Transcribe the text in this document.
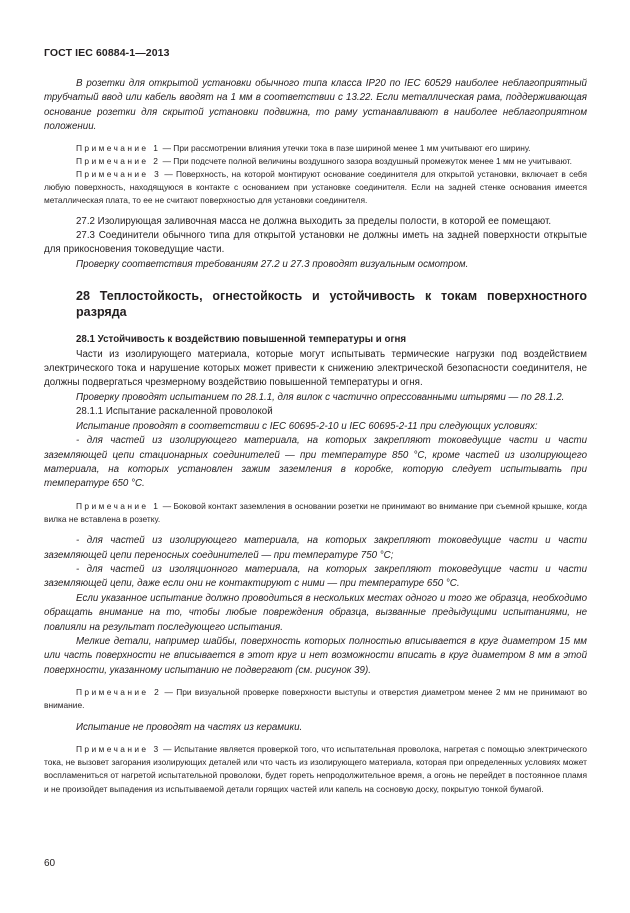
ГОСТ IEC 60884-1—2013

В розетки для открытой установки обычного типа класса IP20 по IEC 60529 наиболее неблагоприятный трубчатый ввод или кабель вводят на 1 мм в соответствии с 13.22. Если металлическая рама, поддерживающая основание розетки для скрытой установки подвижна, то раму устанавливают в наиболее неблагоприятном положении.

Примечание 1 — При рассмотрении влияния утечки тока в пазе шириной менее 1 мм учитывают его ширину.

Примечание 2 — При подсчете полной величины воздушного зазора воздушный промежуток менее 1 мм не учитывают.

Примечание 3 — Поверхность, на которой монтируют основание соединителя для открытой установки, включает в себя любую поверхность, находящуюся в контакте с основанием при установке соединителя. Если на задней стенке основания имеется металлическая плата, то ее не считают поверхностью для установки соединителя.

27.2 Изолирующая заливочная масса не должна выходить за пределы полости, в которой ее помещают.

27.3 Соединители обычного типа для открытой установки не должны иметь на задней поверхности открытые для прикосновения токоведущие части.

Проверку соответствия требованиям 27.2 и 27.3 проводят визуальным осмотром.

28 Теплостойкость, огнестойкость и устойчивость к токам поверхностного разряда

28.1 Устойчивость к воздействию повышенной температуры и огня

Части из изолирующего материала, которые могут испытывать термические нагрузки под воздействием электрического тока и нарушение которых может привести к снижению электрической безопасности соединителя, не должны подвергаться чрезмерному воздействию повышенной температуры и огня.

Проверку проводят испытанием по 28.1.1, для вилок с частично опрессованными штырями — по 28.1.2.

28.1.1 Испытание раскаленной проволокой

Испытание проводят в соответствии с IEC 60695-2-10 и IEC 60695-2-11 при следующих условиях:

- для частей из изолирующего материала, на которых закрепляют токоведущие части и части заземляющей цепи стационарных соединителей — при температуре 850 °С, кроме частей из изолирующего материала, на которых установлен зажим заземления в коробке, которую следует испытывать при температуре 650 °С.

Примечание 1 — Боковой контакт заземления в основании розетки не принимают во внимание при съемной крышке, когда вилка не вставлена в розетку.

- для частей из изолирующего материала, на которых закрепляют токоведущие части и части заземляющей цепи переносных соединителей — при температуре 750 °С;

- для частей из изоляционного материала, на которых закрепляют токоведущие части и части заземляющей цепи, даже если они не контактируют с ними — при температуре 650 °С.

Если указанное испытание должно проводиться в нескольких местах одного и того же образца, необходимо обращать внимание на то, чтобы любые повреждения образца, вызванные предыдущими испытаниями, не повлияли на результат последующего испытания.

Мелкие детали, например шайбы, поверхность которых полностью вписывается в круг диаметром 15 мм или часть поверхности не вписывается в этот круг и нет возможности вписать в круг диаметром 8 мм в этой поверхности, указанному испытанию не подвергают (см. рисунок 39).

Примечание 2 — При визуальной проверке поверхности выступы и отверстия диаметром менее 2 мм не принимают во внимание.

Испытание не проводят на частях из керамики.

Примечание 3 — Испытание является проверкой того, что испытательная проволока, нагретая с помощью электрического тока, не вызовет загорания изолирующих деталей или что часть из изолирующего материала, которая при определенных условиях может воспламениться от нагретой испытательной проволоки, будет гореть непродолжительное время, а огонь не перейдет в постоянное пламя и не произойдет выпадения из испытываемой детали горящих частей или капель на сосновую доску, покрытую тонкой бумагой.

60
